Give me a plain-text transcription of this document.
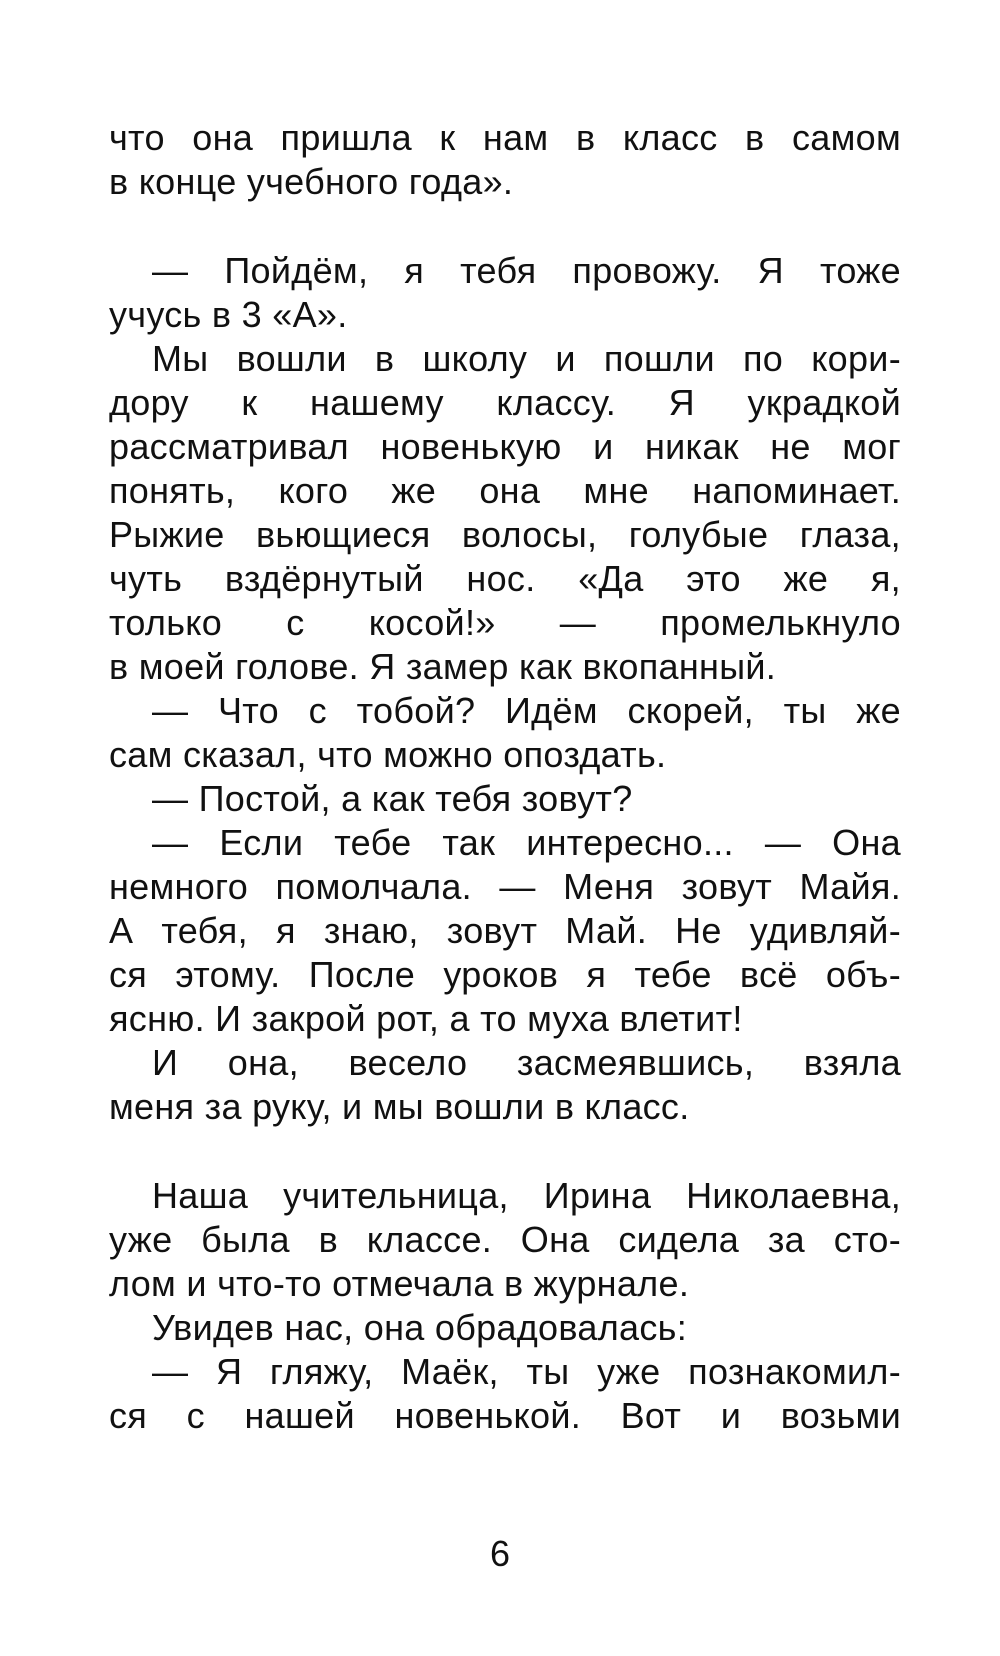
что она пришла к нам в класс в самом
в конце учебного года».
— Пойдём, я тебя провожу. Я тоже
учусь в 3 «А».
Мы вошли в школу и пошли по кори-
дору к нашему классу. Я украдкой
рассматривал новенькую и никак не мог
понять, кого же она мне напоминает.
Рыжие вьющиеся волосы, голубые глаза,
чуть вздёрнутый нос. «Да это же я,
только с косой!» — промелькнуло
в моей голове. Я замер как вкопанный.
— Что с тобой? Идём скорей, ты же
сам сказал, что можно опоздать.
— Постой, а как тебя зовут?
— Если тебе так интересно... — Она
немного помолчала. — Меня зовут Майя.
А тебя, я знаю, зовут Май. Не удивляй-
ся этому. После уроков я тебе всё объ-
ясню. И закрой рот, а то муха влетит!
И она, весело засмеявшись, взяла
меня за руку, и мы вошли в класс.
Наша учительница, Ирина Николаевна,
уже была в классе. Она сидела за сто-
лом и что-то отмечала в журнале.
Увидев нас, она обрадовалась:
— Я гляжу, Маёк, ты уже познакомил-
ся с нашей новенькой. Вот и возьми
6
